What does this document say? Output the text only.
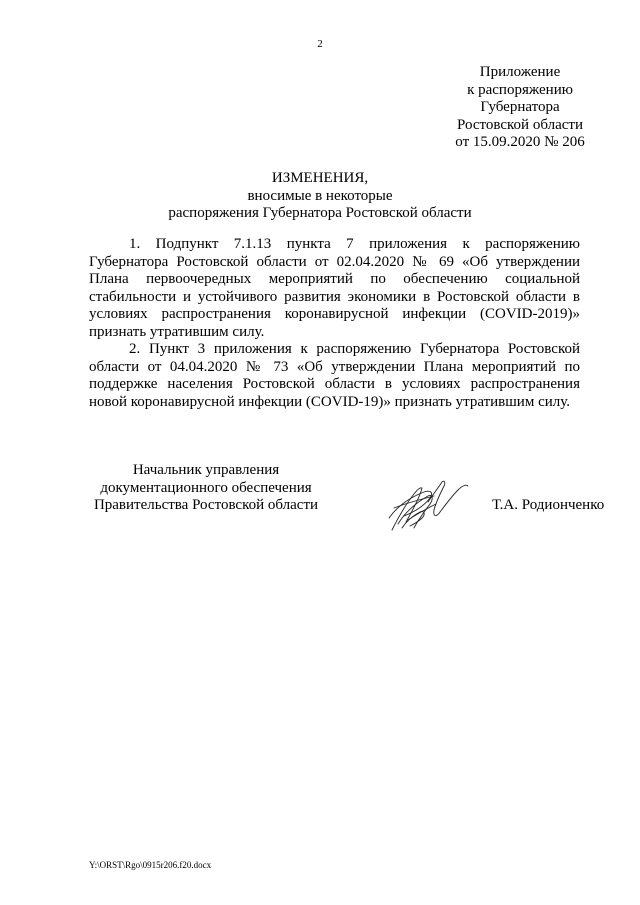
2
Приложение
к распоряжению
Губернатора
Ростовской области
от 15.09.2020 № 206
ИЗМЕНЕНИЯ,
вносимые в некоторые
распоряжения Губернатора Ростовской области

1. Подпункт 7.1.13 пункта 7 приложения к распоряжению Губернатора Ростовской области от 02.04.2020 № 69 «Об утверждении Плана первоочередных мероприятий по обеспечению социальной стабильности и устойчивого развития экономики в Ростовской области в условиях распространения коронавирусной инфекции (COVID-2019)» признать утратившим силу.

2. Пункт 3 приложения к распоряжению Губернатора Ростовской области от 04.04.2020 № 73 «Об утверждении Плана мероприятий по поддержке населения Ростовской области в условиях распространения новой коронавирусной инфекции (COVID-19)» признать утратившим силу.

Начальник управления
документационного обеспечения
Правительства Ростовской области	Т.А. Родионченко
Y:\ORST\Rgo\0915r206.f20.docx
